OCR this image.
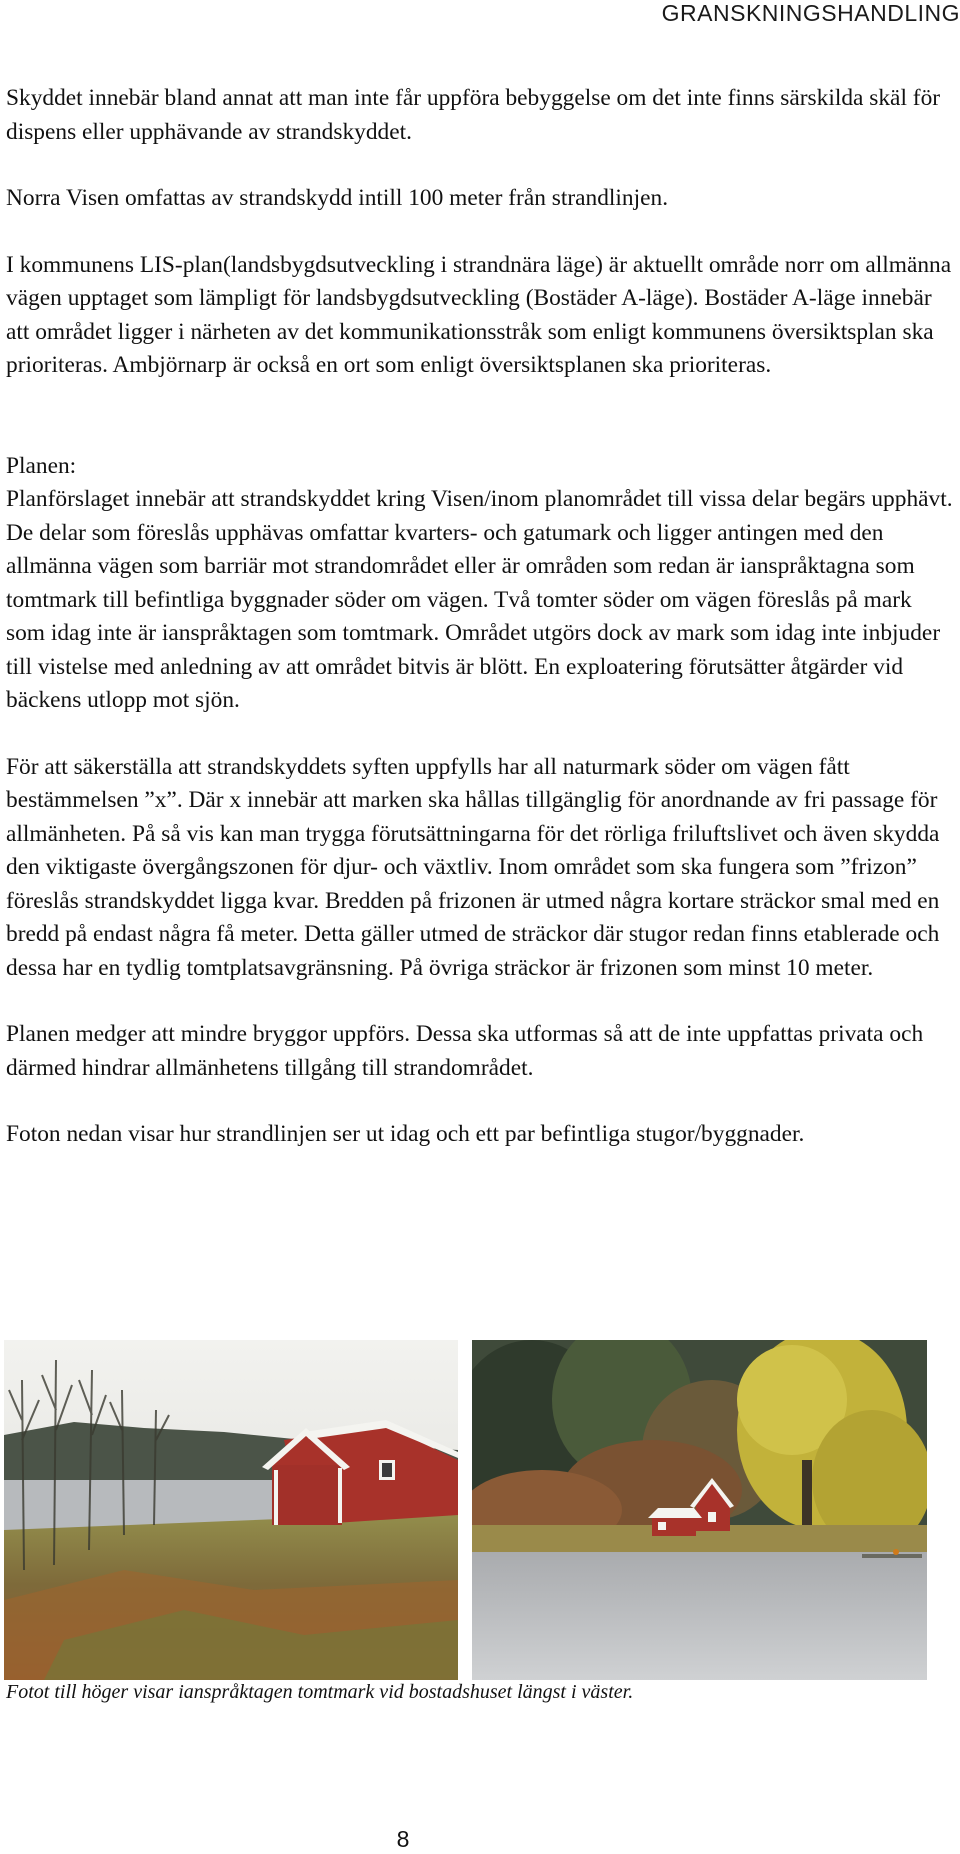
GRANSKNINGSHANDLING

Skyddet innebär bland annat att man inte får uppföra bebyggelse om det inte finns särskilda skäl för dispens eller upphävande av strandskyddet.

Norra Visen omfattas av strandskydd intill 100 meter från strandlinjen.

I kommunens LIS-plan(landsbygdsutveckling i strandnära läge) är aktuellt område norr om allmänna vägen upptaget som lämpligt för landsbygdsutveckling (Bostäder A-läge). Bostäder A-läge innebär att området ligger i närheten av det kommunikationsstråk som enligt kommunens översiktsplan ska prioriteras. Ambjörnarp är också en ort som enligt översiktsplanen ska prioriteras.

Planen:

Planförslaget innebär att strandskyddet kring Visen/inom planområdet till vissa delar begärs upphävt. De delar som föreslås upphävas omfattar kvarters- och gatumark och ligger antingen med den allmänna vägen som barriär mot strandområdet eller är områden som redan är ianspråktagna som tomtmark till befintliga byggnader söder om vägen. Två tomter söder om vägen föreslås på mark som idag inte är ianspråktagen som tomtmark. Området utgörs dock av mark som idag inte inbjuder till vistelse med anledning av att området bitvis är blött. En exploatering förutsätter åtgärder vid bäckens utlopp mot sjön.

För att säkerställa att strandskyddets syften uppfylls har all naturmark söder om vägen fått bestämmelsen ”x”. Där x innebär att marken ska hållas tillgänglig för anordnande av fri passage för allmänheten. På så vis kan man trygga förutsättningarna för det rörliga friluftslivet och även skydda den viktigaste övergångszonen för djur- och växtliv. Inom området som ska fungera som ”frizon” föreslås strandskyddet ligga kvar. Bredden på frizonen är utmed några kortare sträckor smal med en bredd på endast några få meter. Detta gäller utmed de sträckor där stugor redan finns etablerade och dessa har en tydlig tomtplatsavgränsning. På övriga sträckor är frizonen som minst 10 meter.

Planen medger att mindre bryggor uppförs. Dessa ska utformas så att de inte uppfattas privata och därmed hindrar allmänhetens tillgång till strandområdet.

Foton nedan visar hur strandlinjen ser ut idag och ett par befintliga stugor/byggnader.

Fotot till höger visar ianspråktagen tomtmark vid bostadshuset längst i väster.
8
